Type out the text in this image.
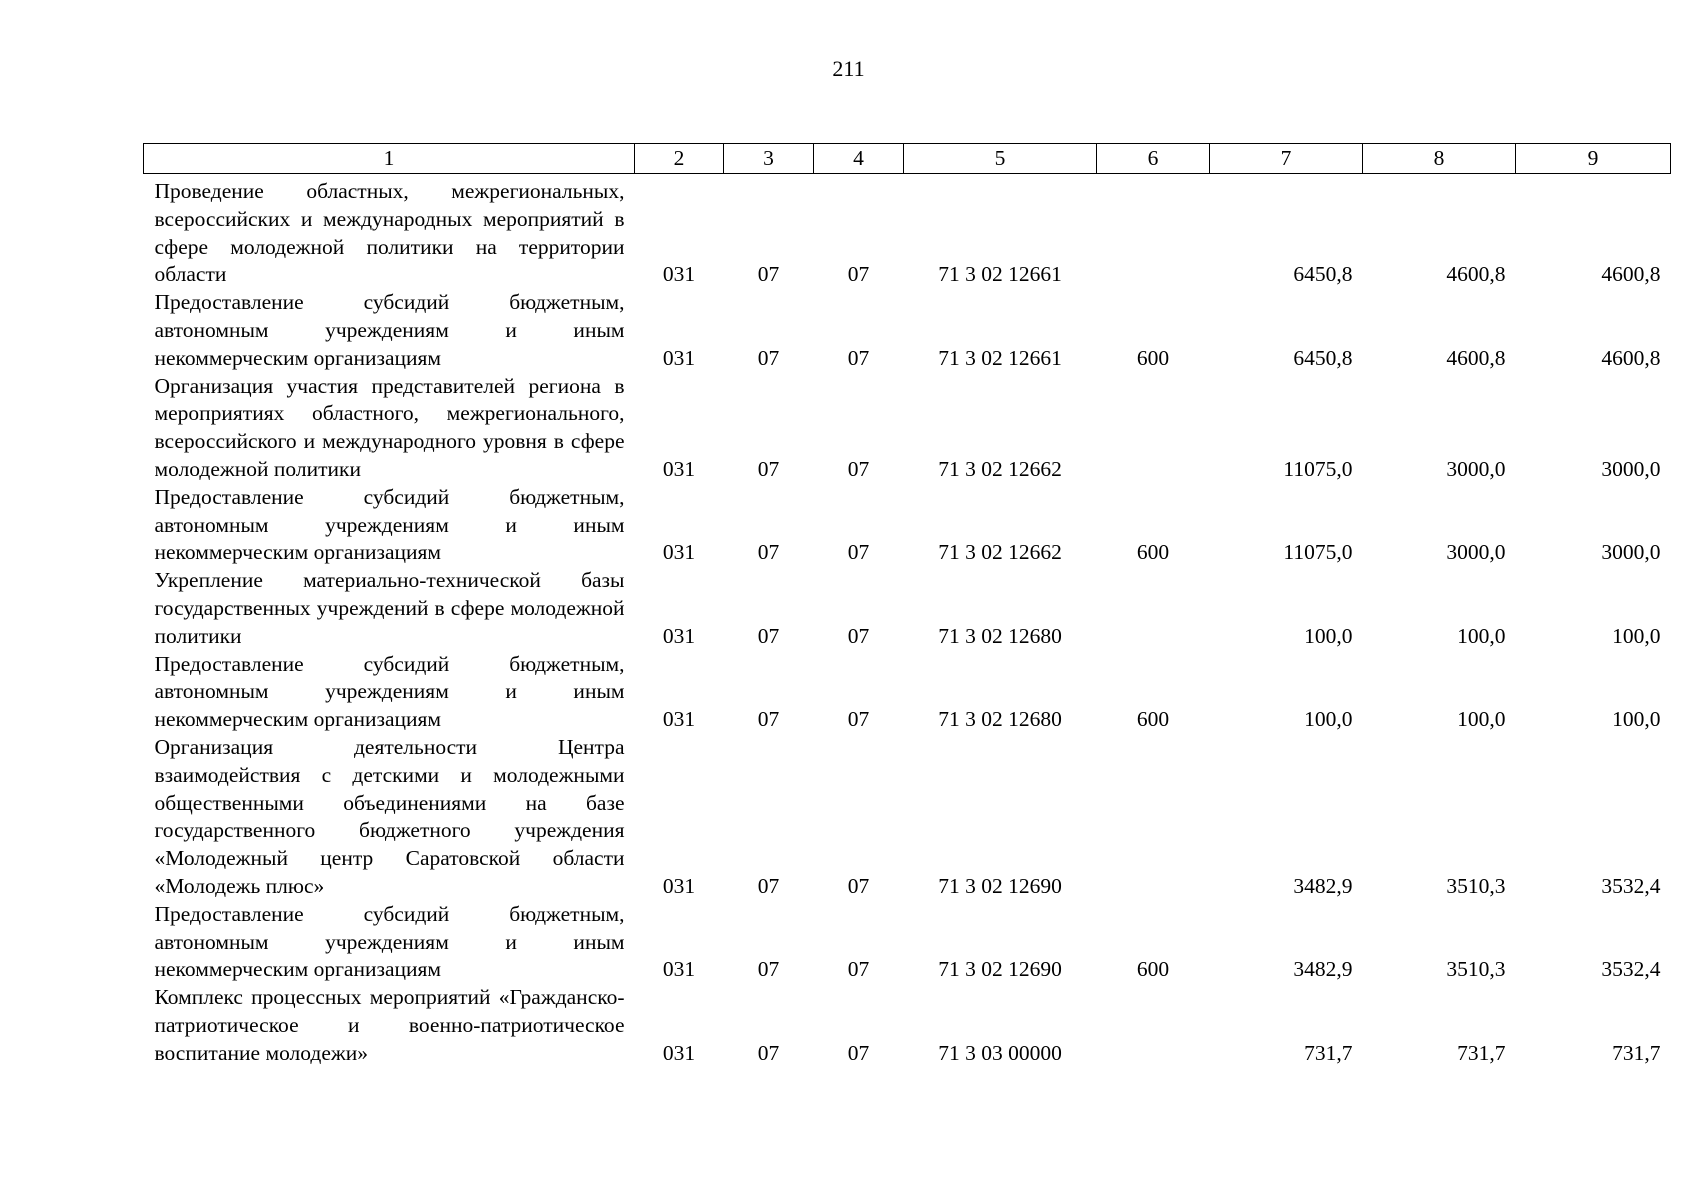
211
1	2	3	4	5	6	7	8	9
Проведение областных, межрегиональных, всероссийских и международных мероприятий в сфере молодежной политики на территории области	031	07	07	71 3 02 12661		6450,8	4600,8	4600,8
Предоставление субсидий бюджетным, автономным учреждениям и иным некоммерческим организациям	031	07	07	71 3 02 12661	600	6450,8	4600,8	4600,8
Организация участия представителей региона в мероприятиях областного, межрегионального, всероссийского и международного уровня в сфере молодежной политики	031	07	07	71 3 02 12662		11075,0	3000,0	3000,0
Предоставление субсидий бюджетным, автономным учреждениям и иным некоммерческим организациям	031	07	07	71 3 02 12662	600	11075,0	3000,0	3000,0
Укрепление материально-технической базы государственных учреждений в сфере молодежной политики	031	07	07	71 3 02 12680		100,0	100,0	100,0
Предоставление субсидий бюджетным, автономным учреждениям и иным некоммерческим организациям	031	07	07	71 3 02 12680	600	100,0	100,0	100,0
Организация деятельности Центра взаимодействия с детскими и молодежными общественными объединениями на базе государственного бюджетного учреждения «Молодежный центр Саратовской области «Молодежь плюс»	031	07	07	71 3 02 12690		3482,9	3510,3	3532,4
Предоставление субсидий бюджетным, автономным учреждениям и иным некоммерческим организациям	031	07	07	71 3 02 12690	600	3482,9	3510,3	3532,4
Комплекс процессных мероприятий «Гражданско-патриотическое и военно-патриотическое воспитание молодежи»	031	07	07	71 3 03 00000		731,7	731,7	731,7
